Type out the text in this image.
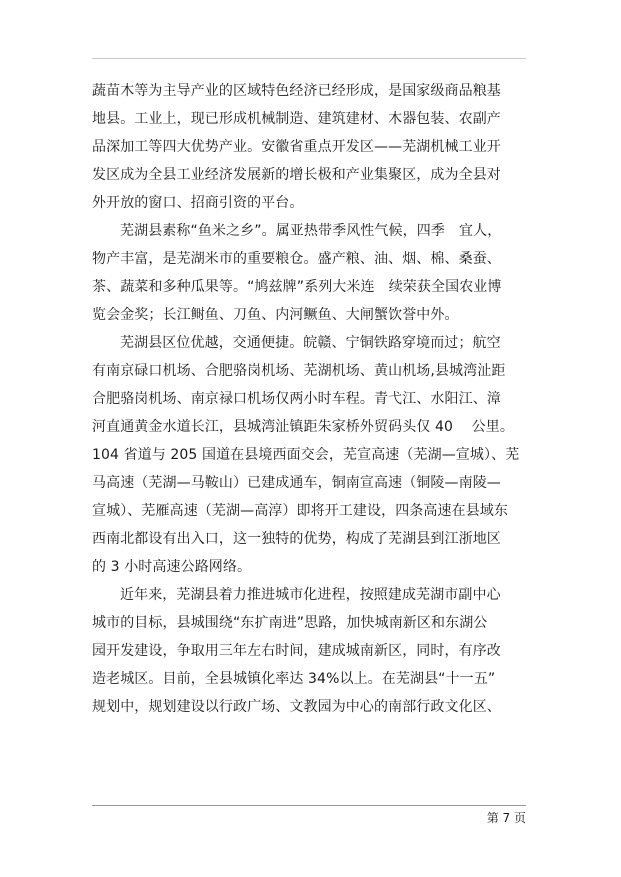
蔬苗木等为主导产业的区域特色经济已经形成，是国家级商品粮基
地县。工业上，现已形成机械制造、建筑建材、木器包装、农副产
品深加工等四大优势产业。安徽省重点开发区——芜湖机械工业开
发区成为全县工业经济发展新的增长极和产业集聚区，成为全县对
外开放的窗口、招商引资的平台。
芜湖县素称“鱼米之乡”。属亚热带季风性气候，四季　宜人，
物产丰富，是芜湖米市的重要粮仓。盛产粮、油、烟、棉、桑蚕、
茶、蔬菜和多种瓜果等。“鸠兹牌”系列大米连　续荣获全国农业博
览会金奖；长江鲥鱼、刀鱼、内河鳜鱼、大闸蟹饮誉中外。
芜湖县区位优越，交通便捷。皖赣、宁铜铁路穿境而过；航空
有南京碌口机场、合肥骆岗机场、芜湖机场、黄山机场,县城湾沚距
合肥骆岗机场、南京禄口机场仅两小时车程。青弋江、水阳江、漳
河直通黄金水道长江，县城湾沚镇距朱家桥外贸码头仅 40　 公里。
104 省道与 205 国道在县境西面交会，芜宣高速（芜湖—宣城）、芜
马高速（芜湖—马鞍山）已建成通车，铜南宣高速（铜陵—南陵—
宣城）、芜雁高速（芜湖—高淳）即将开工建设，四条高速在县域东
西南北都设有出入口，这一独特的优势，构成了芜湖县到江浙地区
的 3 小时高速公路网络。
近年来，芜湖县着力推进城市化进程，按照建成芜湖市副中心
城市的目标，县城围绕“东扩南进”思路，加快城南新区和东湖公
园开发建设，争取用三年左右时间，建成城南新区，同时，有序改
造老城区。目前，全县城镇化率达 34%以上。在芜湖县“十一五”
规划中，规划建设以行政广场、文教园为中心的南部行政文化区、
第 7 页
